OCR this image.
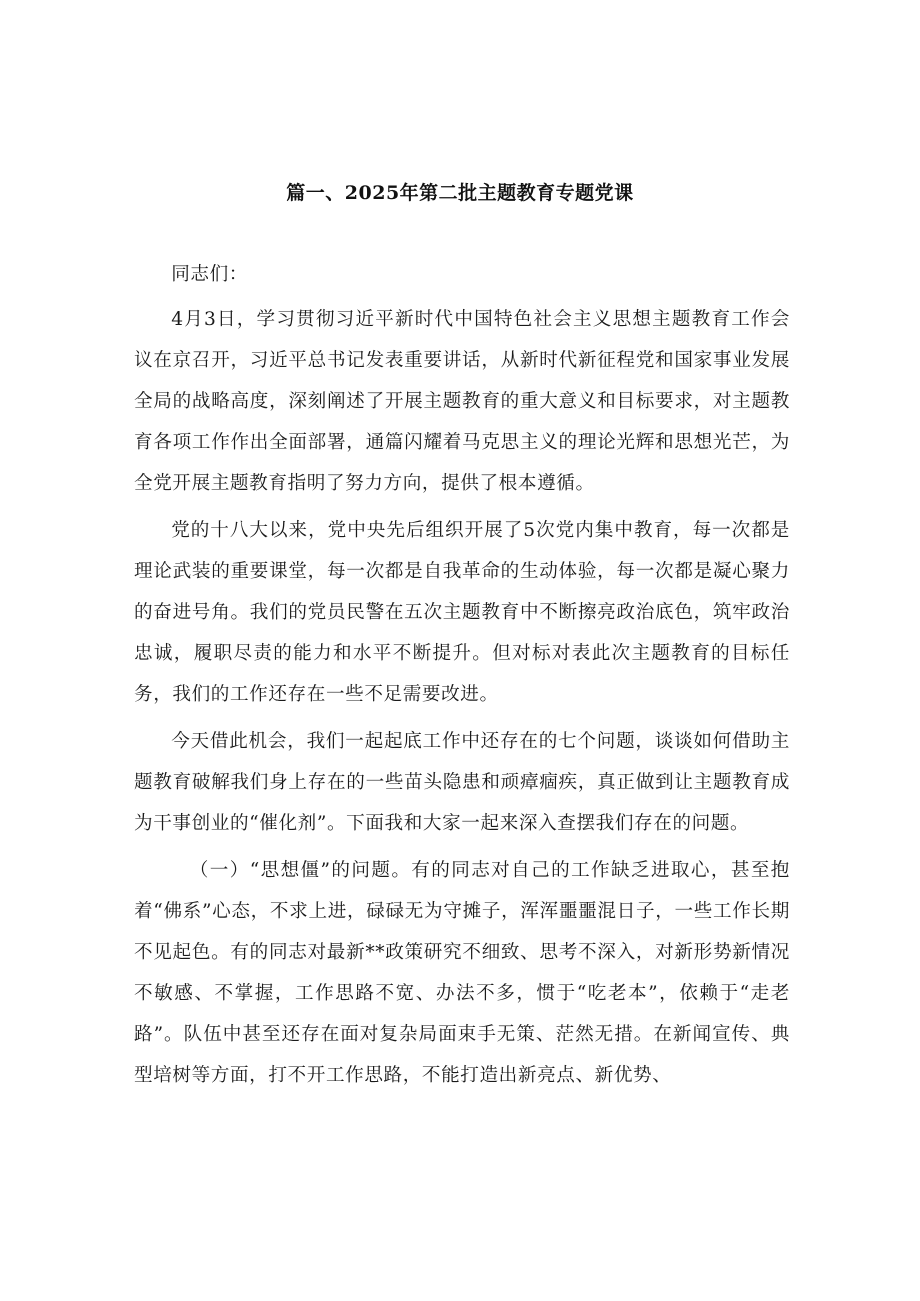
篇一、2025年第二批主题教育专题党课

同志们：

4月3日，学习贯彻习近平新时代中国特色社会主义思想主题教育工作会议在京召开，习近平总书记发表重要讲话，从新时代新征程党和国家事业发展全局的战略高度，深刻阐述了开展主题教育的重大意义和目标要求，对主题教育各项工作作出全面部署，通篇闪耀着马克思主义的理论光辉和思想光芒，为全党开展主题教育指明了努力方向，提供了根本遵循。

党的十八大以来，党中央先后组织开展了5次党内集中教育，每一次都是理论武装的重要课堂，每一次都是自我革命的生动体验，每一次都是凝心聚力的奋进号角。我们的党员民警在五次主题教育中不断擦亮政治底色，筑牢政治忠诚，履职尽责的能力和水平不断提升。但对标对表此次主题教育的目标任务，我们的工作还存在一些不足需要改进。

今天借此机会，我们一起起底工作中还存在的七个问题，谈谈如何借助主题教育破解我们身上存在的一些苗头隐患和顽瘴痼疾，真正做到让主题教育成为干事创业的“催化剂”。下面我和大家一起来深入查摆我们存在的问题。

（一）“思想僵”的问题。有的同志对自己的工作缺乏进取心，甚至抱着“佛系”心态，不求上进，碌碌无为守摊子，浑浑噩噩混日子，一些工作长期不见起色。有的同志对最新**政策研究不细致、思考不深入，对新形势新情况不敏感、不掌握，工作思路不宽、办法不多，惯于“吃老本”，依赖于“走老路”。队伍中甚至还存在面对复杂局面束手无策、茫然无措。在新闻宣传、典型培树等方面，打不开工作思路，不能打造出新亮点、新优势、
